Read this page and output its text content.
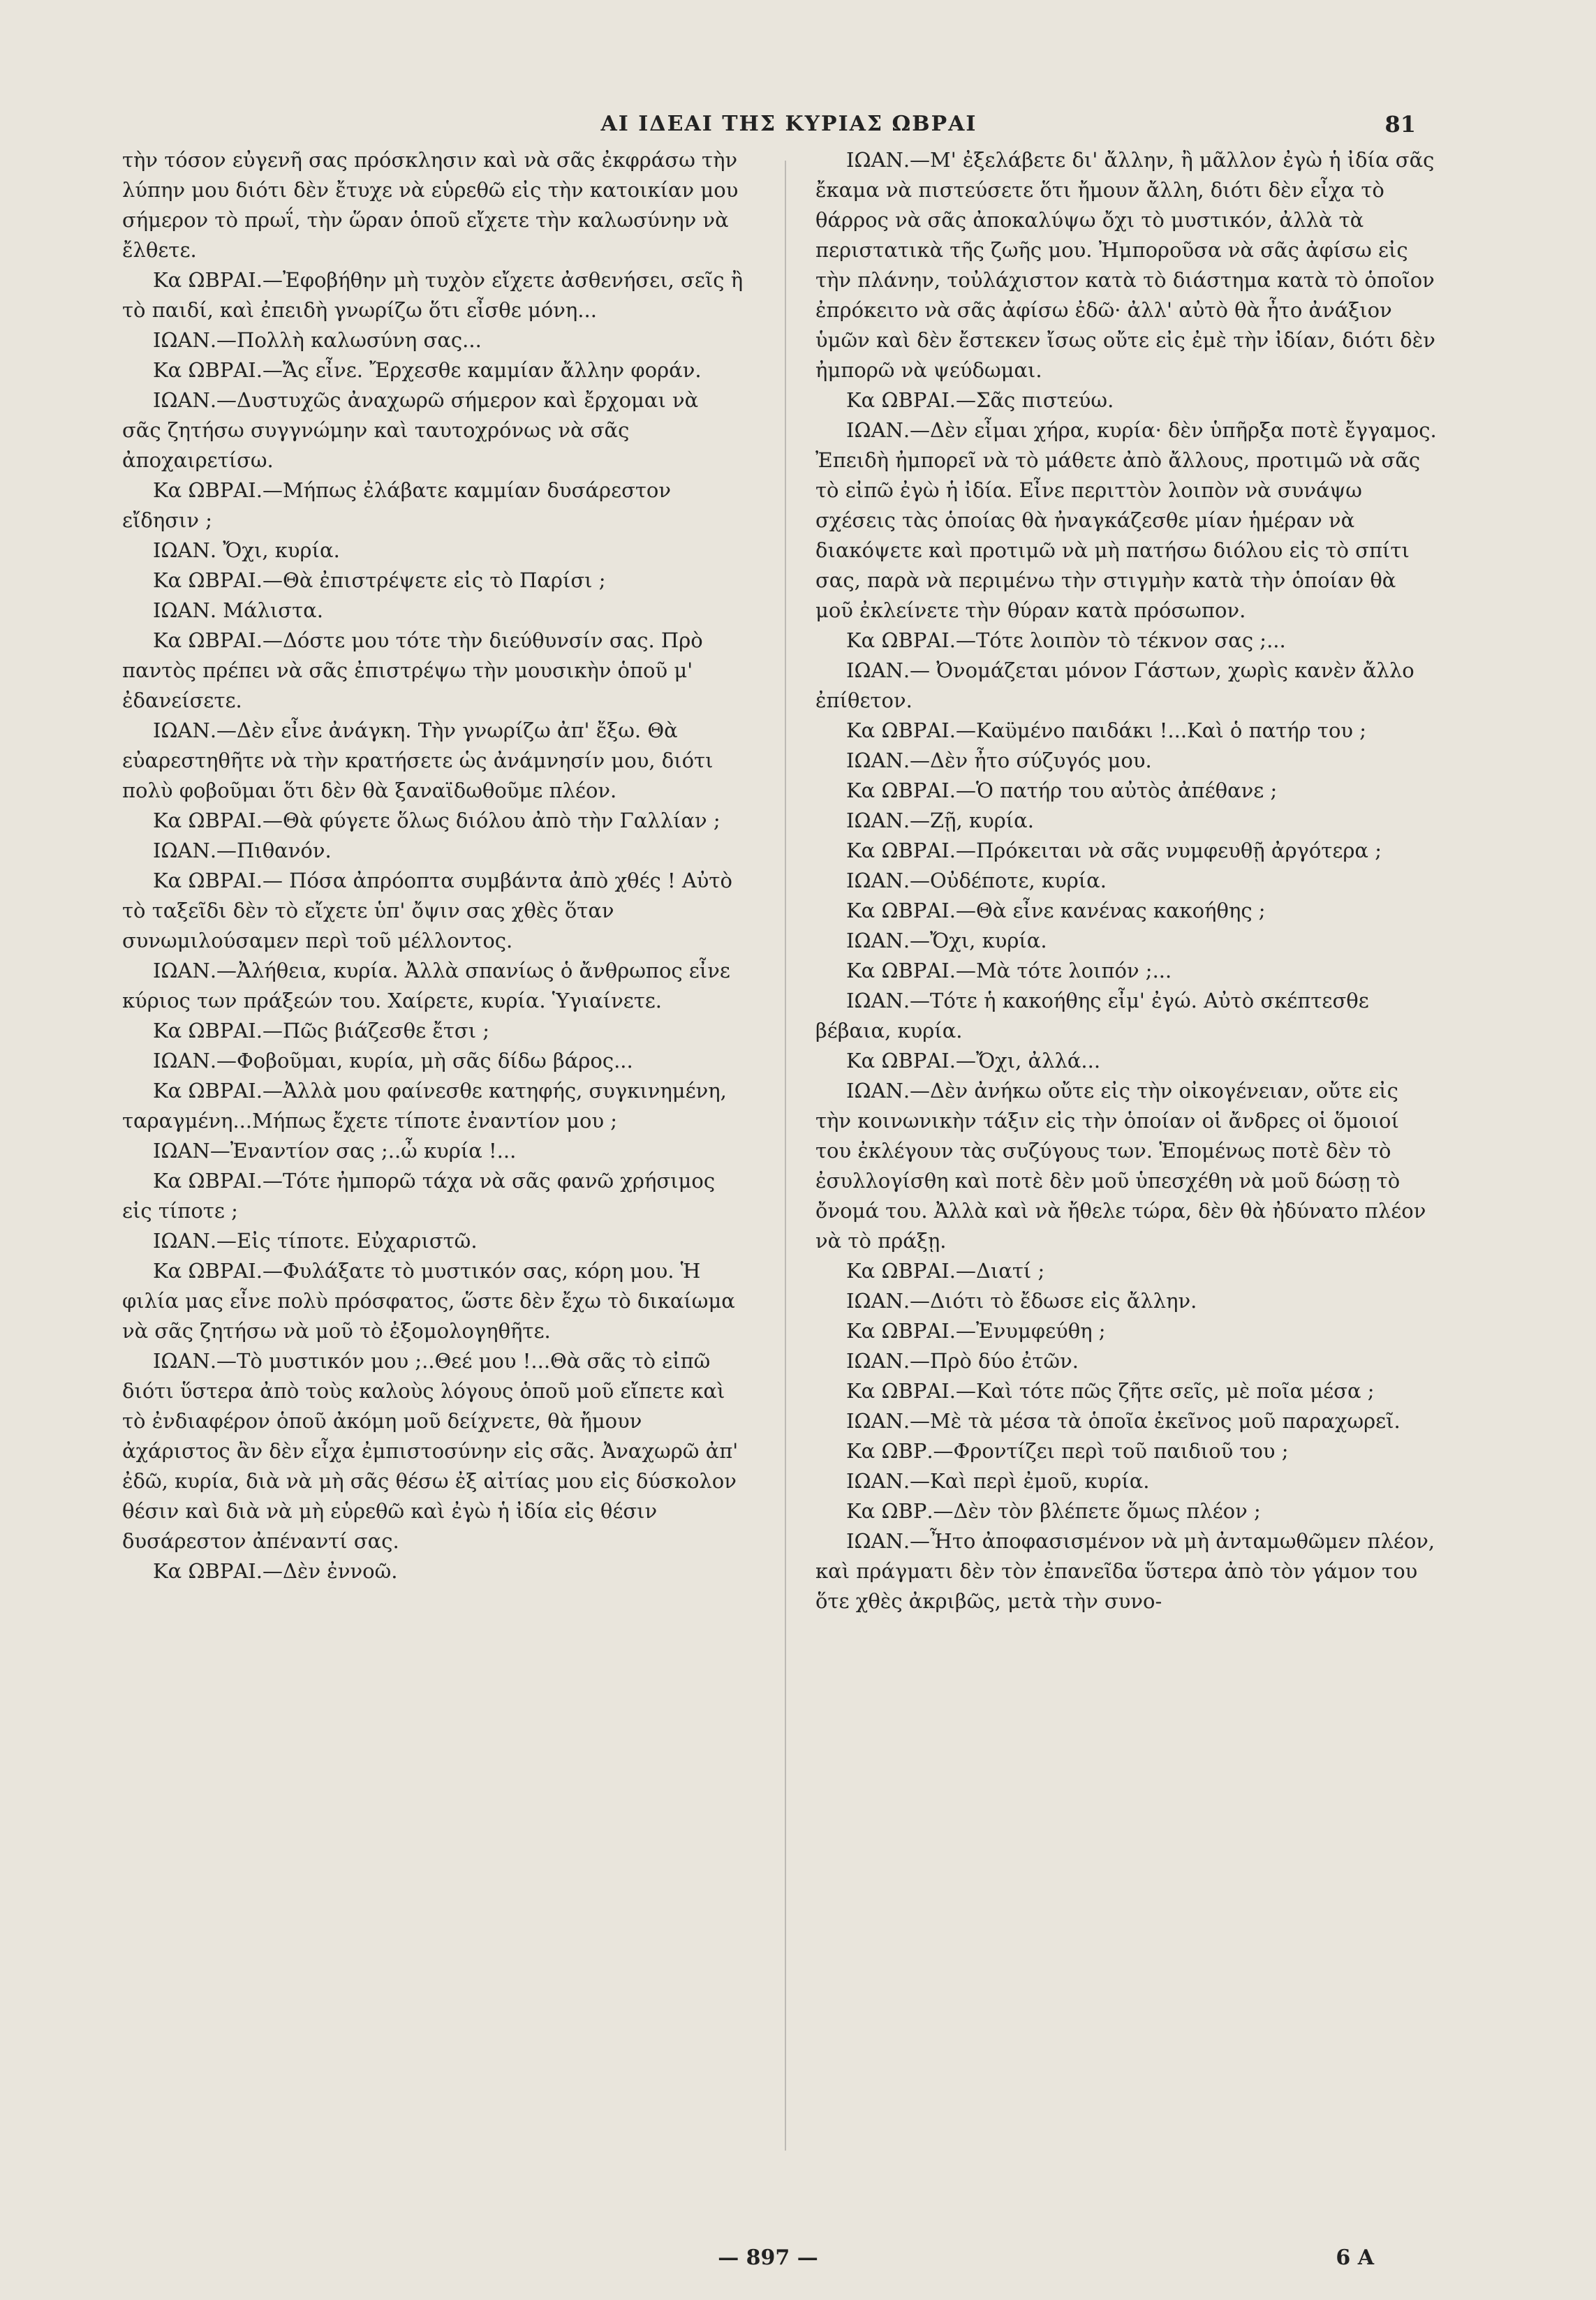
ΑΙ ΙΔΕΑΙ ΤΗΣ ΚΥΡΙΑΣ ΩΒΡΑΙ	81

τὴν τόσον εὐγενῆ σας πρόσκλησιν καὶ νὰ σᾶς ἐκφράσω τὴν λύπην μου διότι δὲν ἔτυχε νὰ εὑρεθῶ εἰς τὴν κατοικίαν μου σήμερον τὸ πρωΐ, τὴν ὥραν ὁποῦ εἴχετε τὴν καλωσύνην νὰ ἔλθετε.

Κα ΩΒΡΑΙ.—Ἐφοβήθην μὴ τυχὸν εἴχετε ἀσθενήσει, σεῖς ἢ τὸ παιδί, καὶ ἐπειδὴ γνωρίζω ὅτι εἶσθε μόνη...

ΙΩΑΝ.—Πολλὴ καλωσύνη σας...

Κα ΩΒΡΑΙ.—Ἄς εἶνε. Ἔρχεσθε καμμίαν ἄλλην φοράν.

ΙΩΑΝ.—Δυστυχῶς ἀναχωρῶ σήμερον καὶ ἔρχομαι νὰ σᾶς ζητήσω συγγνώμην καὶ ταυτοχρόνως νὰ σᾶς ἀποχαιρετίσω.

Κα ΩΒΡΑΙ.—Μήπως ἐλάβατε καμμίαν δυσάρεστον εἴδησιν ;

ΙΩΑΝ. Ὄχι, κυρία.

Κα ΩΒΡΑΙ.—Θὰ ἐπιστρέψετε εἰς τὸ Παρίσι ;

ΙΩΑΝ. Μάλιστα.

Κα ΩΒΡΑΙ.—Δόστε μου τότε τὴν διεύθυνσίν σας. Πρὸ παντὸς πρέπει νὰ σᾶς ἐπιστρέψω τὴν μουσικὴν ὁποῦ μ' ἐδανείσετε.

ΙΩΑΝ.—Δὲν εἶνε ἀνάγκη. Τὴν γνωρίζω ἀπ' ἔξω. Θὰ εὐαρεστηθῆτε νὰ τὴν κρατήσετε ὡς ἀνάμνησίν μου, διότι πολὺ φοβοῦμαι ὅτι δὲν θὰ ξαναϊδωθοῦμε πλέον.

Κα ΩΒΡΑΙ.—Θὰ φύγετε ὅλως διόλου ἀπὸ τὴν Γαλλίαν ;

ΙΩΑΝ.—Πιθανόν.

Κα ΩΒΡΑΙ.— Πόσα ἀπρόοπτα συμβάντα ἀπὸ χθές ! Αὐτὸ τὸ ταξεῖδι δὲν τὸ εἴχετε ὑπ' ὄψιν σας χθὲς ὅταν συνωμιλούσαμεν περὶ τοῦ μέλλοντος.

ΙΩΑΝ.—Ἀλήθεια, κυρία. Ἀλλὰ σπανίως ὁ ἄνθρωπος εἶνε κύριος των πράξεών του. Χαίρετε, κυρία. Ὑγιαίνετε.

Κα ΩΒΡΑΙ.—Πῶς βιάζεσθε ἔτσι ;

ΙΩΑΝ.—Φοβοῦμαι, κυρία, μὴ σᾶς δίδω βάρος...

Κα ΩΒΡΑΙ.—Ἀλλὰ μου φαίνεσθε κατηφής, συγκινημένη, ταραγμένη...Μήπως ἔχετε τίποτε ἐναντίον μου ;

ΙΩΑΝ—Ἐναντίον σας ;..ὦ κυρία !...

Κα ΩΒΡΑΙ.—Τότε ἠμπορῶ τάχα νὰ σᾶς φανῶ χρήσιμος εἰς τίποτε ;

ΙΩΑΝ.—Εἰς τίποτε. Εὐχαριστῶ.

Κα ΩΒΡΑΙ.—Φυλάξατε τὸ μυστικόν σας, κόρη μου. Ἡ φιλία μας εἶνε πολὺ πρόσφατος, ὥστε δὲν ἔχω τὸ δικαίωμα νὰ σᾶς ζητήσω νὰ μοῦ τὸ ἐξομολογηθῆτε.

ΙΩΑΝ.—Τὸ μυστικόν μου ;..Θεέ μου !...Θὰ σᾶς τὸ εἰπῶ διότι ὕστερα ἀπὸ τοὺς καλοὺς λόγους ὁποῦ μοῦ εἴπετε καὶ τὸ ἐνδιαφέρον ὁποῦ ἀκόμη μοῦ δείχνετε, θὰ ἤμουν ἀχάριστος ἂν δὲν εἶχα ἐμπιστοσύνην εἰς σᾶς. Ἀναχωρῶ ἀπ' ἐδῶ, κυρία, διὰ νὰ μὴ σᾶς θέσω ἐξ αἰτίας μου εἰς δύσκολον θέσιν καὶ διὰ νὰ μὴ εὑρεθῶ καὶ ἐγὼ ἡ ἰδία εἰς θέσιν δυσάρεστον ἀπέναντί σας.

Κα ΩΒΡΑΙ.—Δὲν ἐννοῶ.

ΙΩΑΝ.—Μ' ἐξελάβετε δι' ἄλλην, ἢ μᾶλλον ἐγὼ ἡ ἰδία σᾶς ἔκαμα νὰ πιστεύσετε ὅτι ἤμουν ἄλλη, διότι δὲν εἶχα τὸ θάρρος νὰ σᾶς ἀποκαλύψω ὄχι τὸ μυστικόν, ἀλλὰ τὰ περιστατικὰ τῆς ζωῆς μου. Ἠμποροῦσα νὰ σᾶς ἀφίσω εἰς τὴν πλάνην, τοὐλάχιστον κατὰ τὸ διάστημα κατὰ τὸ ὁποῖον ἐπρόκειτο νὰ σᾶς ἀφίσω ἐδῶ· ἀλλ' αὐτὸ θὰ ἦτο ἀνάξιον ὑμῶν καὶ δὲν ἔστεκεν ἴσως οὔτε εἰς ἐμὲ τὴν ἰδίαν, διότι δὲν ἠμπορῶ νὰ ψεύδωμαι.

Κα ΩΒΡΑΙ.—Σᾶς πιστεύω.

ΙΩΑΝ.—Δὲν εἶμαι χήρα, κυρία· δὲν ὑπῆρξα ποτὲ ἔγγαμος. Ἐπειδὴ ἠμπορεῖ νὰ τὸ μάθετε ἀπὸ ἄλλους, προτιμῶ νὰ σᾶς τὸ εἰπῶ ἐγὼ ἡ ἰδία. Εἶνε περιττὸν λοιπὸν νὰ συνάψω σχέσεις τὰς ὁποίας θὰ ἠναγκάζεσθε μίαν ἡμέραν νὰ διακόψετε καὶ προτιμῶ νὰ μὴ πατήσω διόλου εἰς τὸ σπίτι σας, παρὰ νὰ περιμένω τὴν στιγμὴν κατὰ τὴν ὁποίαν θὰ μοῦ ἐκλείνετε τὴν θύραν κατὰ πρόσωπον.

Κα ΩΒΡΑΙ.—Τότε λοιπὸν τὸ τέκνον σας ;...

ΙΩΑΝ.— Ὀνομάζεται μόνον Γάστων, χωρὶς κανὲν ἄλλο ἐπίθετον.

Κα ΩΒΡΑΙ.—Καϋμένο παιδάκι !...Καὶ ὁ πατήρ του ;

ΙΩΑΝ.—Δὲν ἦτο σύζυγός μου.

Κα ΩΒΡΑΙ.—Ὁ πατήρ του αὐτὸς ἀπέθανε ;

ΙΩΑΝ.—Ζῇ, κυρία.

Κα ΩΒΡΑΙ.—Πρόκειται νὰ σᾶς νυμφευθῇ ἀργότερα ;

ΙΩΑΝ.—Οὐδέποτε, κυρία.

Κα ΩΒΡΑΙ.—Θὰ εἶνε κανένας κακοήθης ;

ΙΩΑΝ.—Ὄχι, κυρία.

Κα ΩΒΡΑΙ.—Μὰ τότε λοιπόν ;...

ΙΩΑΝ.—Τότε ἡ κακοήθης εἶμ' ἐγώ. Αὐτὸ σκέπτεσθε βέβαια, κυρία.

Κα ΩΒΡΑΙ.—Ὄχι, ἀλλά...

ΙΩΑΝ.—Δὲν ἀνήκω οὔτε εἰς τὴν οἰκογένειαν, οὔτε εἰς τὴν κοινωνικὴν τάξιν εἰς τὴν ὁποίαν οἱ ἄνδρες οἱ ὅμοιοί του ἐκλέγουν τὰς συζύγους των. Ἑπομένως ποτὲ δὲν τὸ ἐσυλλογίσθη καὶ ποτὲ δὲν μοῦ ὑπεσχέθη νὰ μοῦ δώσῃ τὸ ὄνομά του. Ἀλλὰ καὶ νὰ ἤθελε τώρα, δὲν θὰ ἠδύνατο πλέον νὰ τὸ πράξῃ.

Κα ΩΒΡΑΙ.—Διατί ;

ΙΩΑΝ.—Διότι τὸ ἔδωσε εἰς ἄλλην.

Κα ΩΒΡΑΙ.—Ἐνυμφεύθη ;

ΙΩΑΝ.—Πρὸ δύο ἐτῶν.

Κα ΩΒΡΑΙ.—Καὶ τότε πῶς ζῆτε σεῖς, μὲ ποῖα μέσα ;

ΙΩΑΝ.—Μὲ τὰ μέσα τὰ ὁποῖα ἐκεῖνος μοῦ παραχωρεῖ.

Κα ΩΒΡ.—Φροντίζει περὶ τοῦ παιδιοῦ του ;

ΙΩΑΝ.—Καὶ περὶ ἐμοῦ, κυρία.

Κα ΩΒΡ.—Δὲν τὸν βλέπετε ὅμως πλέον ;

ΙΩΑΝ.—Ἦτο ἀποφασισμένον νὰ μὴ ἀνταμωθῶμεν πλέον, καὶ πράγματι δὲν τὸν ἐπανεῖδα ὕστερα ἀπὸ τὸν γάμον του ὅτε χθὲς ἀκριβῶς, μετὰ τὴν συνο-

— 897 —	6 A
